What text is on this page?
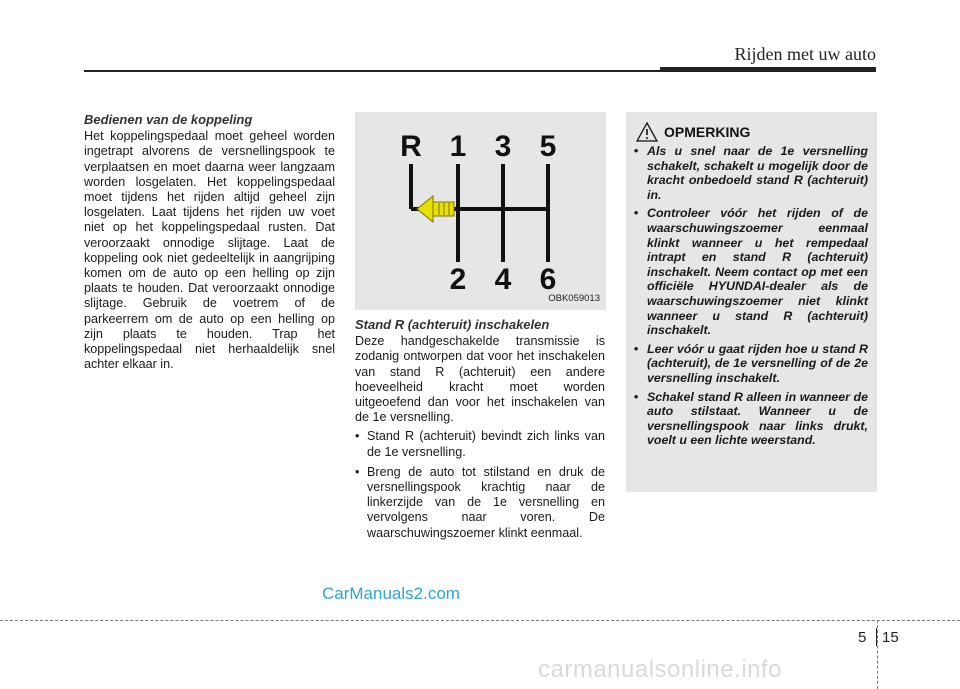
Rijden met uw auto

Bedienen van de koppeling

Het koppelingspedaal moet geheel worden ingetrapt alvorens de versnellingspook te verplaatsen en moet daarna weer langzaam worden losgelaten. Het koppelingspedaal moet tijdens het rijden altijd geheel zijn losgelaten. Laat tijdens het rijden uw voet niet op het koppelingspedaal rusten. Dat veroorzaakt onnodige slijtage. Laat de koppeling ook niet gedeeltelijk in aangrijping komen om de auto op een helling op zijn plaats te houden. Dat veroorzaakt onnodige slijtage. Gebruik de voetrem of de parkeerrem om de auto op een helling op zijn plaats te houden. Trap het koppelingspedaal niet herhaaldelijk snel achter elkaar in.

R 1 3 5
2 4 6
OBK059013

Stand R (achteruit) inschakelen

Deze handgeschakelde transmissie is zodanig ontworpen dat voor het inschakelen van stand R (achteruit) een andere hoeveelheid kracht moet worden uitgeoefend dan voor het inschakelen van de 1e versnelling.

• Stand R (achteruit) bevindt zich links van de 1e versnelling.
• Breng de auto tot stilstand en druk de versnellingspook krachtig naar de linkerzijde van de 1e versnelling en vervolgens naar voren. De waarschuwingszoemer klinkt eenmaal.
OPMERKING
• Als u snel naar de 1e versnelling schakelt, schakelt u mogelijk door de kracht onbedoeld stand R (achteruit) in.
• Controleer vóór het rijden of de waarschuwingszoemer eenmaal klinkt wanneer u het rempedaal intrapt en stand R (achteruit) inschakelt. Neem contact op met een officiële HYUNDAI-dealer als de waarschuwingszoemer niet klinkt wanneer u stand R (achteruit) inschakelt.
• Leer vóór u gaat rijden hoe u stand R (achteruit), de 1e versnelling of de 2e versnelling inschakelt.
• Schakel stand R alleen in wanneer de auto stilstaat. Wanneer u de versnellingspook naar links drukt, voelt u een lichte weerstand.
CarManuals2.com
5 15
carmanualsonline.info
